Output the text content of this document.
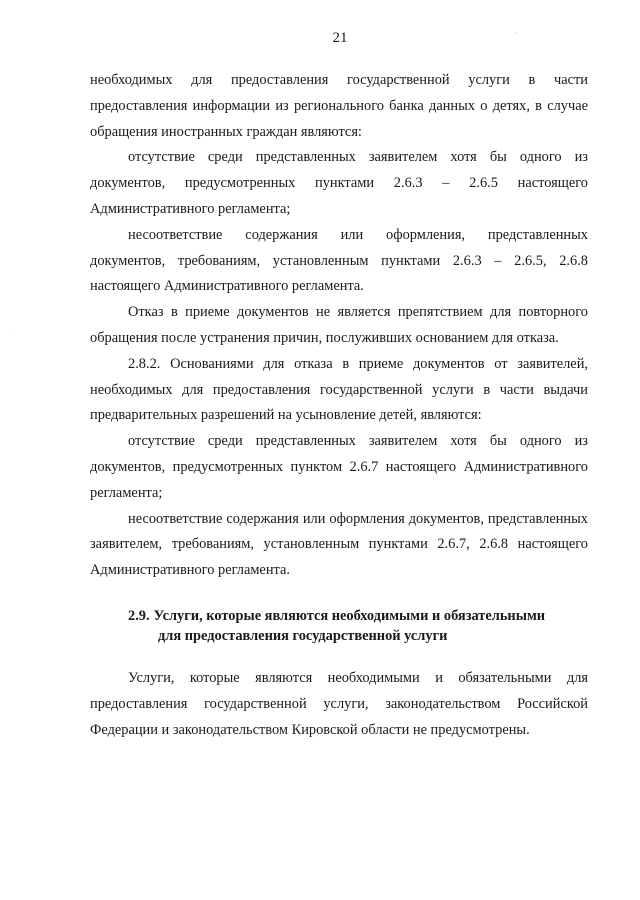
21

необходимых для предоставления государственной услуги в части предоставления информации из регионального банка данных о детях, в случае обращения иностранных граждан являются:

отсутствие среди представленных заявителем хотя бы одного из документов, предусмотренных пунктами 2.6.3 – 2.6.5 настоящего Административного регламента;

несоответствие содержания или оформления, представленных документов, требованиям, установленным пунктами 2.6.3 – 2.6.5, 2.6.8 настоящего Административного регламента.

Отказ в приеме документов не является препятствием для повторного обращения после устранения причин, послуживших основанием для отказа.

2.8.2. Основаниями для отказа в приеме документов от заявителей, необходимых для предоставления государственной услуги в части выдачи предварительных разрешений на усыновление детей, являются:

отсутствие среди представленных заявителем хотя бы одного из документов, предусмотренных пунктом 2.6.7 настоящего Административного регламента;

несоответствие содержания или оформления документов, представленных заявителем, требованиям, установленным пунктами 2.6.7, 2.6.8 настоящего Административного регламента.

2.9. Услуги, которые являются необходимыми и обязательными
для предоставления государственной услуги

Услуги, которые являются необходимыми и обязательными для предоставления государственной услуги, законодательством Российской Федерации и законодательством Кировской области не предусмотрены.
